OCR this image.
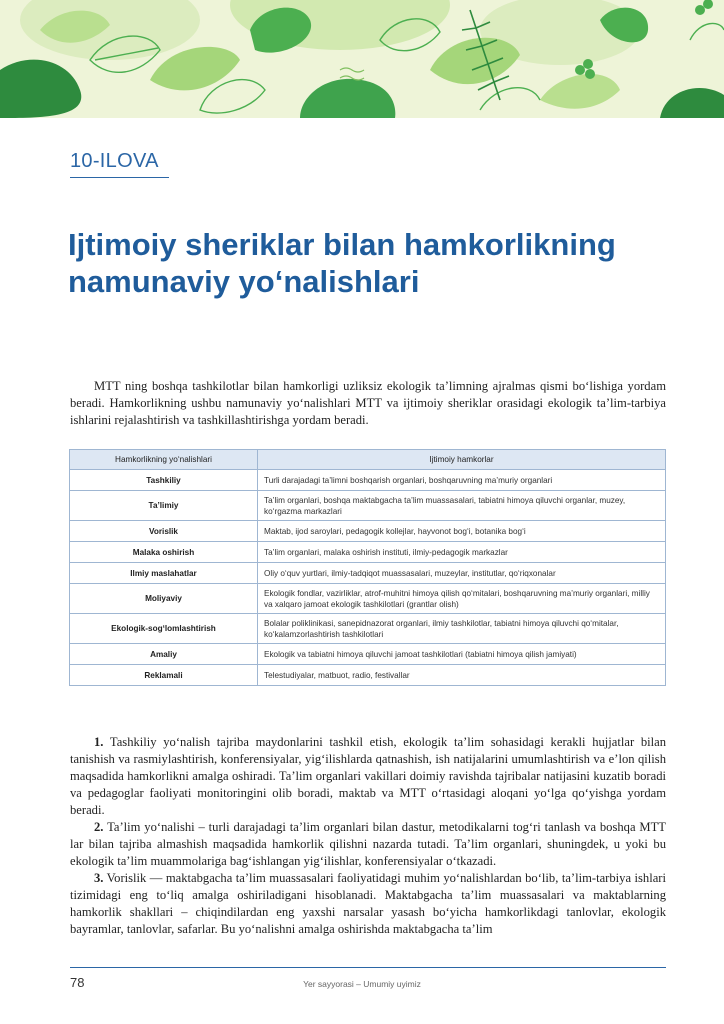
10-ILOVA
Ijtimoiy sheriklar bilan hamkorlikning namunaviy yo‘nalishlari

MTT ning boshqa tashkilotlar bilan hamkorligi uzliksiz ekologik ta’limning ajralmas qismi bo‘lishiga yordam beradi. Hamkorlikning ushbu namunaviy yo‘nalishlari MTT va ijtimoiy sheriklar orasidagi ekologik ta’lim-tarbiya ishlarini rejalashtirish va tashkillashtirishga yordam beradi.

Hamkorlikning yo‘nalishlari	Ijtimoiy hamkorlar
Tashkiliy	Turli darajadagi ta’limni boshqarish organlari, boshqaruvning ma’muriy organlari
Ta’limiy	Ta’lim organlari, boshqa maktabgacha ta’lim muassasalari, tabiatni himoya qiluvchi organlar, muzey, ko‘rgazma markazlari
Vorislik	Maktab, ijod saroylari, pedagogik kollejlar, hayvonot bog‘i, botanika bog‘i
Malaka oshirish	Ta’lim organlari, malaka oshirish instituti, ilmiy-pedagogik markazlar
Ilmiy maslahatlar	Oliy o‘quv yurtlari, ilmiy-tadqiqot muassasalari, muzeylar, institutlar, qo‘riqxonalar
Moliyaviy	Ekologik fondlar, vazirliklar, atrof-muhitni himoya qilish qo‘mitalari, boshqaruvning ma’muriy organlari, milliy va xalqaro jamoat ekologik tashkilotlari (grantlar olish)
Ekologik-sog‘lomlashtirish	Bolalar poliklinikasi, sanepidnazorat organlari, ilmiy tashkilotlar, tabiatni himoya qiluvchi qo‘mitalar, ko‘kalamzorlashtirish tashkilotlari
Amaliy	Ekologik va tabiatni himoya qiluvchi jamoat tashkilotlari (tabiatni himoya qilish jamiyati)
Reklamali	Telestudiyalar, matbuot, radio, festivallar

1. Tashkiliy yo‘nalish tajriba maydonlarini tashkil etish, ekologik ta’lim sohasidagi kerakli hujjatlar bilan tanishish va rasmiylashtirish, konferensiyalar, yig‘ilishlarda qatnashish, ish natijalarini umumlashtirish va e’lon qilish maqsadida hamkorlikni amalga oshiradi. Ta’lim organlari vakillari doimiy ravishda tajribalar natijasini kuzatib boradi va pedagoglar faoliyati monitoringini olib boradi, maktab va MTT o‘rtasidagi aloqani yo‘lga qo‘yishga yordam beradi.

2. Ta’lim yo‘nalishi – turli darajadagi ta’lim organlari bilan dastur, metodikalarni tog‘ri tanlash va boshqa MTT lar bilan tajriba almashish maqsadida hamkorlik qilishni nazarda tutadi. Ta’lim organlari, shuningdek, u yoki bu ekologik ta’lim muammolariga bag‘ishlangan yig‘ilishlar, konferensiyalar o‘tkazadi.

3. Vorislik — maktabgacha ta’lim muassasalari faoliyatidagi muhim yo‘nalishlardan bo‘lib, ta’lim-tarbiya ishlari tizimidagi eng to‘liq amalga oshiriladigani hisoblanadi. Maktabgacha ta’lim muassasalari va maktablarning hamkorlik shakllari – chiqindilardan eng yaxshi narsalar yasash bo‘yicha hamkorlikdagi tanlovlar, ekologik bayramlar, tanlovlar, safarlar. Bu yo‘nalishni amalga oshirishda maktabgacha ta’lim

78	Yer sayyorasi – Umumiy uyimiz
